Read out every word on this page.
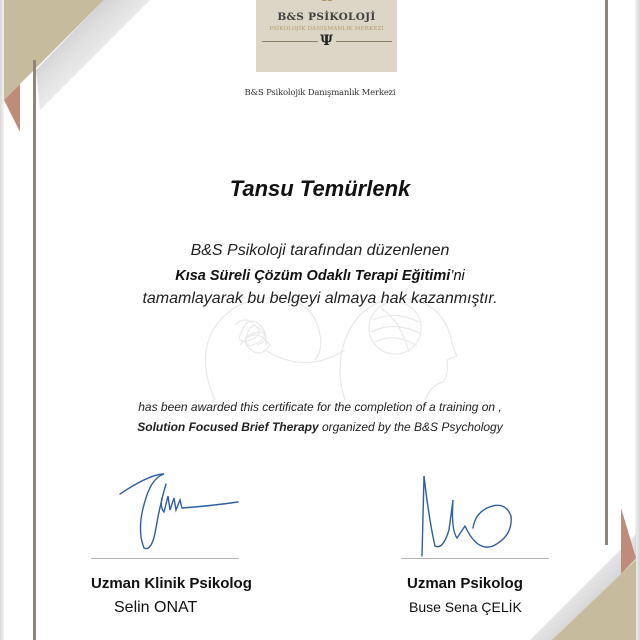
B&S PSİKOLOJİ
PSİKOLOJİK DANIŞMANLIK MERKEZİ
Ψ
B&S Psikolojik Danışmanlık Merkezi
Tansu Temürlenk
B&S Psikoloji tarafından düzenlenen
Kısa Süreli Çözüm Odaklı Terapi Eğitimi’ni
tamamlayarak bu belgeyi almaya hak kazanmıştır.
has been awarded this certificate for the completion of a training on ,
Solution Focused Brief Therapy organized by the B&S Psychology
Uzman Klinik Psikolog
Selin ONAT
Uzman Psikolog
Buse Sena ÇELİK
